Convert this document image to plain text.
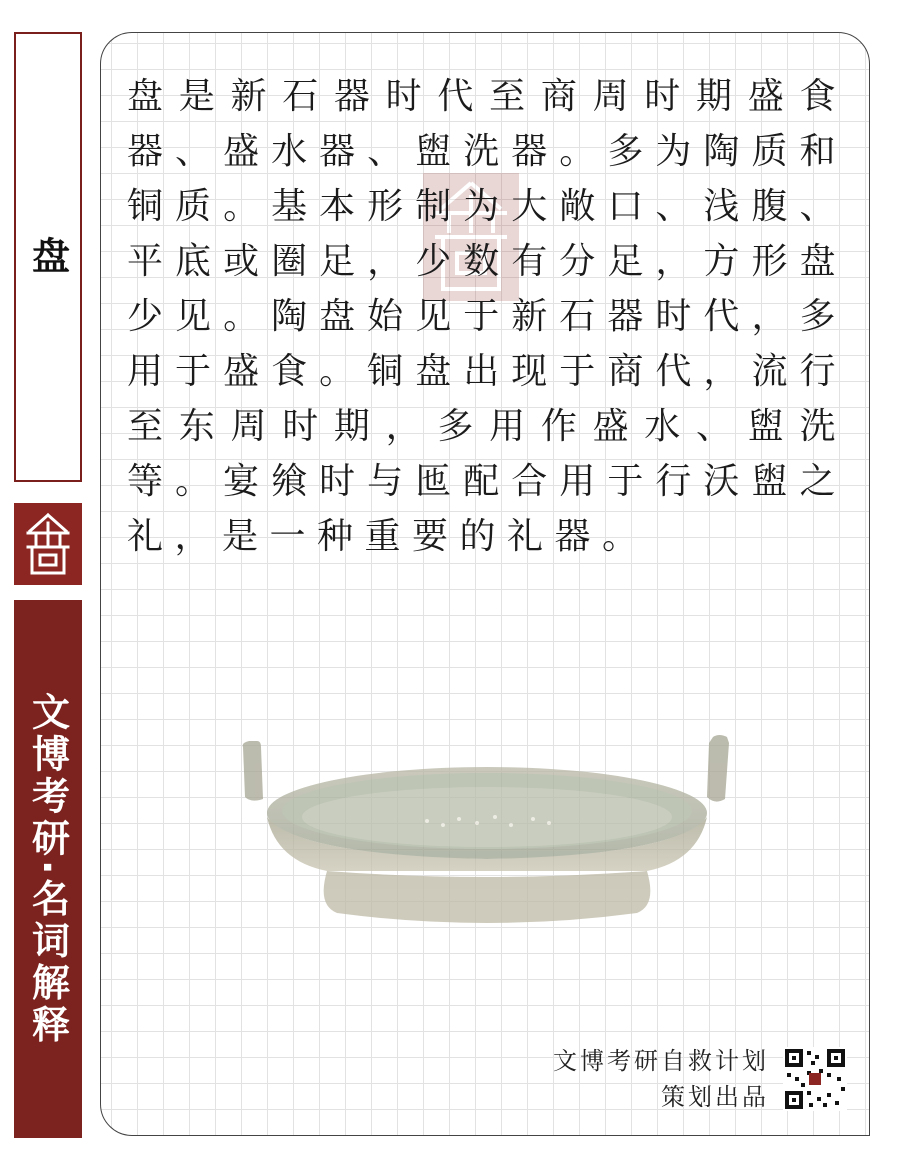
盘
文博考研·名词解释

盘是新石器时代至商周时期盛食器、盛水器、盥洗器。多为陶质和铜质。基本形制为大敞口、浅腹、平底或圈足，少数有分足，方形盘少见。陶盘始见于新石器时代，多用于盛食。铜盘出现于商代，流行至东周时期，多用作盛水、盥洗等。宴飨时与匜配合用于行沃盥之礼，是一种重要的礼器。

文博考研自救计划
策划出品
